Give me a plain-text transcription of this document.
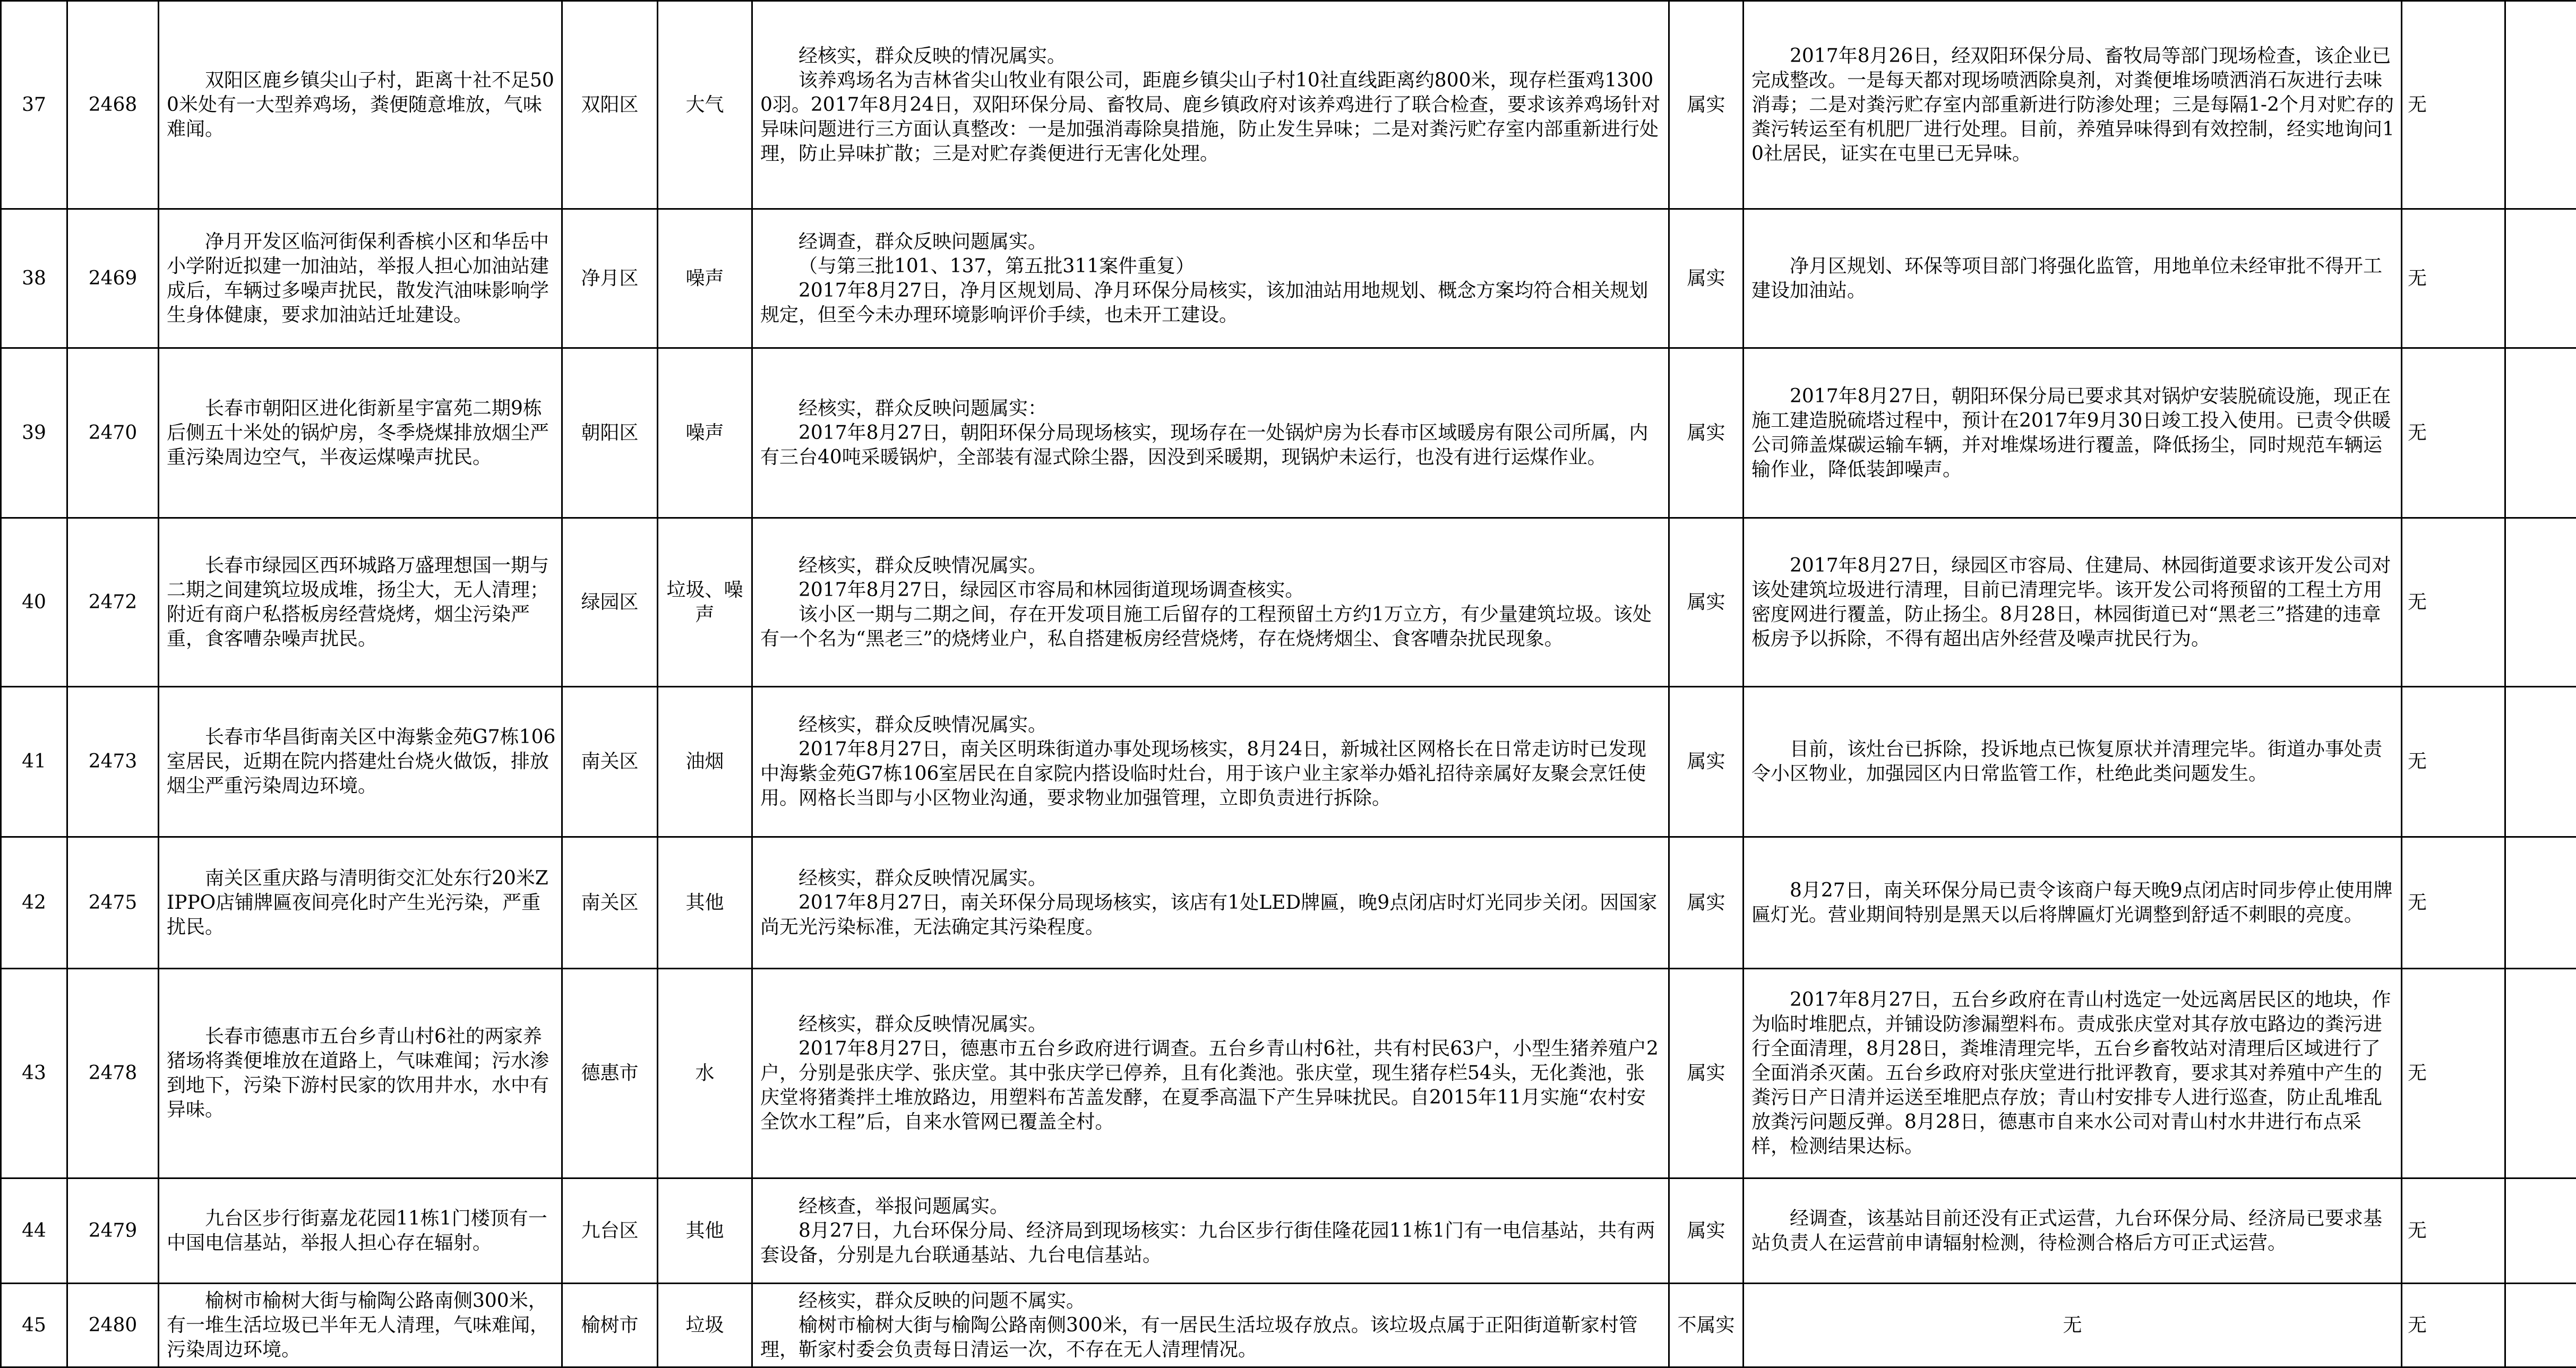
37	2468	双阳区鹿乡镇尖山子村，距离十社不足500米处有一大型养鸡场，粪便随意堆放，气味难闻。	双阳区	大气	经核实，群众反映的情况属实。

该养鸡场名为吉林省尖山牧业有限公司，距鹿乡镇尖山子村10社直线距离约800米，现存栏蛋鸡13000羽。2017年8月24日，双阳环保分局、畜牧局、鹿乡镇政府对该养鸡进行了联合检查，要求该养鸡场针对异味问题进行三方面认真整改：一是加强消毒除臭措施，防止发生异味；二是对粪污贮存室内部重新进行处理，防止异味扩散；三是对贮存粪便进行无害化处理。	属实	2017年8月26日，经双阳环保分局、畜牧局等部门现场检查，该企业已完成整改。一是每天都对现场喷洒除臭剂，对粪便堆场喷洒消石灰进行去味消毒；二是对粪污贮存室内部重新进行防渗处理；三是每隔1-2个月对贮存的粪污转运至有机肥厂进行处理。目前，养殖异味得到有效控制，经实地询问10社居民，证实在屯里已无异味。	无	
38	2469	净月开发区临河街保利香槟小区和华岳中小学附近拟建一加油站，举报人担心加油站建成后，车辆过多噪声扰民，散发汽油味影响学生身体健康，要求加油站迁址建设。	净月区	噪声	经调查，群众反映问题属实。

（与第三批101、137，第五批311案件重复）

2017年8月27日，净月区规划局、净月环保分局核实，该加油站用地规划、概念方案均符合相关规划规定，但至今未办理环境影响评价手续，也未开工建设。	属实	净月区规划、环保等项目部门将强化监管，用地单位未经审批不得开工建设加油站。	无	
39	2470	长春市朝阳区进化街新星宇富苑二期9栋后侧五十米处的锅炉房，冬季烧煤排放烟尘严重污染周边空气，半夜运煤噪声扰民。	朝阳区	噪声	经核实，群众反映问题属实：

2017年8月27日，朝阳环保分局现场核实，现场存在一处锅炉房为长春市区域暖房有限公司所属，内有三台40吨采暖锅炉，全部装有湿式除尘器，因没到采暖期，现锅炉未运行，也没有进行运煤作业。	属实	2017年8月27日，朝阳环保分局已要求其对锅炉安装脱硫设施，现正在施工建造脱硫塔过程中，预计在2017年9月30日竣工投入使用。已责令供暖公司筛盖煤碳运输车辆，并对堆煤场进行覆盖，降低扬尘，同时规范车辆运输作业，降低装卸噪声。	无	
40	2472	长春市绿园区西环城路万盛理想国一期与二期之间建筑垃圾成堆，扬尘大，无人清理；附近有商户私搭板房经营烧烤，烟尘污染严重，食客嘈杂噪声扰民。	绿园区	垃圾、噪声	经核实，群众反映情况属实。

2017年8月27日，绿园区市容局和林园街道现场调查核实。

该小区一期与二期之间，存在开发项目施工后留存的工程预留土方约1万立方，有少量建筑垃圾。该处有一个名为“黑老三”的烧烤业户，私自搭建板房经营烧烤，存在烧烤烟尘、食客嘈杂扰民现象。	属实	2017年8月27日，绿园区市容局、住建局、林园街道要求该开发公司对该处建筑垃圾进行清理，目前已清理完毕。该开发公司将预留的工程土方用密度网进行覆盖，防止扬尘。8月28日，林园街道已对“黑老三”搭建的违章板房予以拆除，不得有超出店外经营及噪声扰民行为。	无	
41	2473	长春市华昌街南关区中海紫金苑G7栋106室居民，近期在院内搭建灶台烧火做饭，排放烟尘严重污染周边环境。	南关区	油烟	经核实，群众反映情况属实。

2017年8月27日，南关区明珠街道办事处现场核实，8月24日，新城社区网格长在日常走访时已发现中海紫金苑G7栋106室居民在自家院内搭设临时灶台，用于该户业主家举办婚礼招待亲属好友聚会烹饪使用。网格长当即与小区物业沟通，要求物业加强管理，立即负责进行拆除。	属实	目前，该灶台已拆除，投诉地点已恢复原状并清理完毕。街道办事处责令小区物业，加强园区内日常监管工作，杜绝此类问题发生。	无	
42	2475	南关区重庆路与清明街交汇处东行20米ZIPPO店铺牌匾夜间亮化时产生光污染，严重扰民。	南关区	其他	经核实，群众反映情况属实。

2017年8月27日，南关环保分局现场核实，该店有1处LED牌匾，晚9点闭店时灯光同步关闭。因国家尚无光污染标准，无法确定其污染程度。	属实	8月27日，南关环保分局已责令该商户每天晚9点闭店时同步停止使用牌匾灯光。营业期间特别是黑天以后将牌匾灯光调整到舒适不刺眼的亮度。	无	
43	2478	长春市德惠市五台乡青山村6社的两家养猪场将粪便堆放在道路上，气味难闻；污水渗到地下，污染下游村民家的饮用井水，水中有异味。	德惠市	水	经核实，群众反映情况属实。

2017年8月27日，德惠市五台乡政府进行调查。五台乡青山村6社，共有村民63户，小型生猪养殖户2户，分别是张庆学、张庆堂。其中张庆学已停养，且有化粪池。张庆堂，现生猪存栏54头，无化粪池，张庆堂将猪粪拌土堆放路边，用塑料布苫盖发酵，在夏季高温下产生异味扰民。自2015年11月实施“农村安全饮水工程”后，自来水管网已覆盖全村。	属实	2017年8月27日，五台乡政府在青山村选定一处远离居民区的地块，作为临时堆肥点，并铺设防渗漏塑料布。责成张庆堂对其存放屯路边的粪污进行全面清理，8月28日，粪堆清理完毕，五台乡畜牧站对清理后区域进行了全面消杀灭菌。五台乡政府对张庆堂进行批评教育，要求其对养殖中产生的粪污日产日清并运送至堆肥点存放；青山村安排专人进行巡查，防止乱堆乱放粪污问题反弹。8月28日，德惠市自来水公司对青山村水井进行布点采样，检测结果达标。	无	
44	2479	九台区步行街嘉龙花园11栋1门楼顶有一中国电信基站，举报人担心存在辐射。	九台区	其他	经核查，举报问题属实。

8月27日，九台环保分局、经济局到现场核实：九台区步行街佳隆花园11栋1门有一电信基站，共有两套设备，分别是九台联通基站、九台电信基站。	属实	经调查，该基站目前还没有正式运营，九台环保分局、经济局已要求基站负责人在运营前申请辐射检测，待检测合格后方可正式运营。	无	
45	2480	榆树市榆树大街与榆陶公路南侧300米，有一堆生活垃圾已半年无人清理，气味难闻，污染周边环境。	榆树市	垃圾	经核实，群众反映的问题不属实。

榆树市榆树大街与榆陶公路南侧300米，有一居民生活垃圾存放点。该垃圾点属于正阳街道靳家村管理，靳家村委会负责每日清运一次，不存在无人清理情况。	不属实	无	无	
